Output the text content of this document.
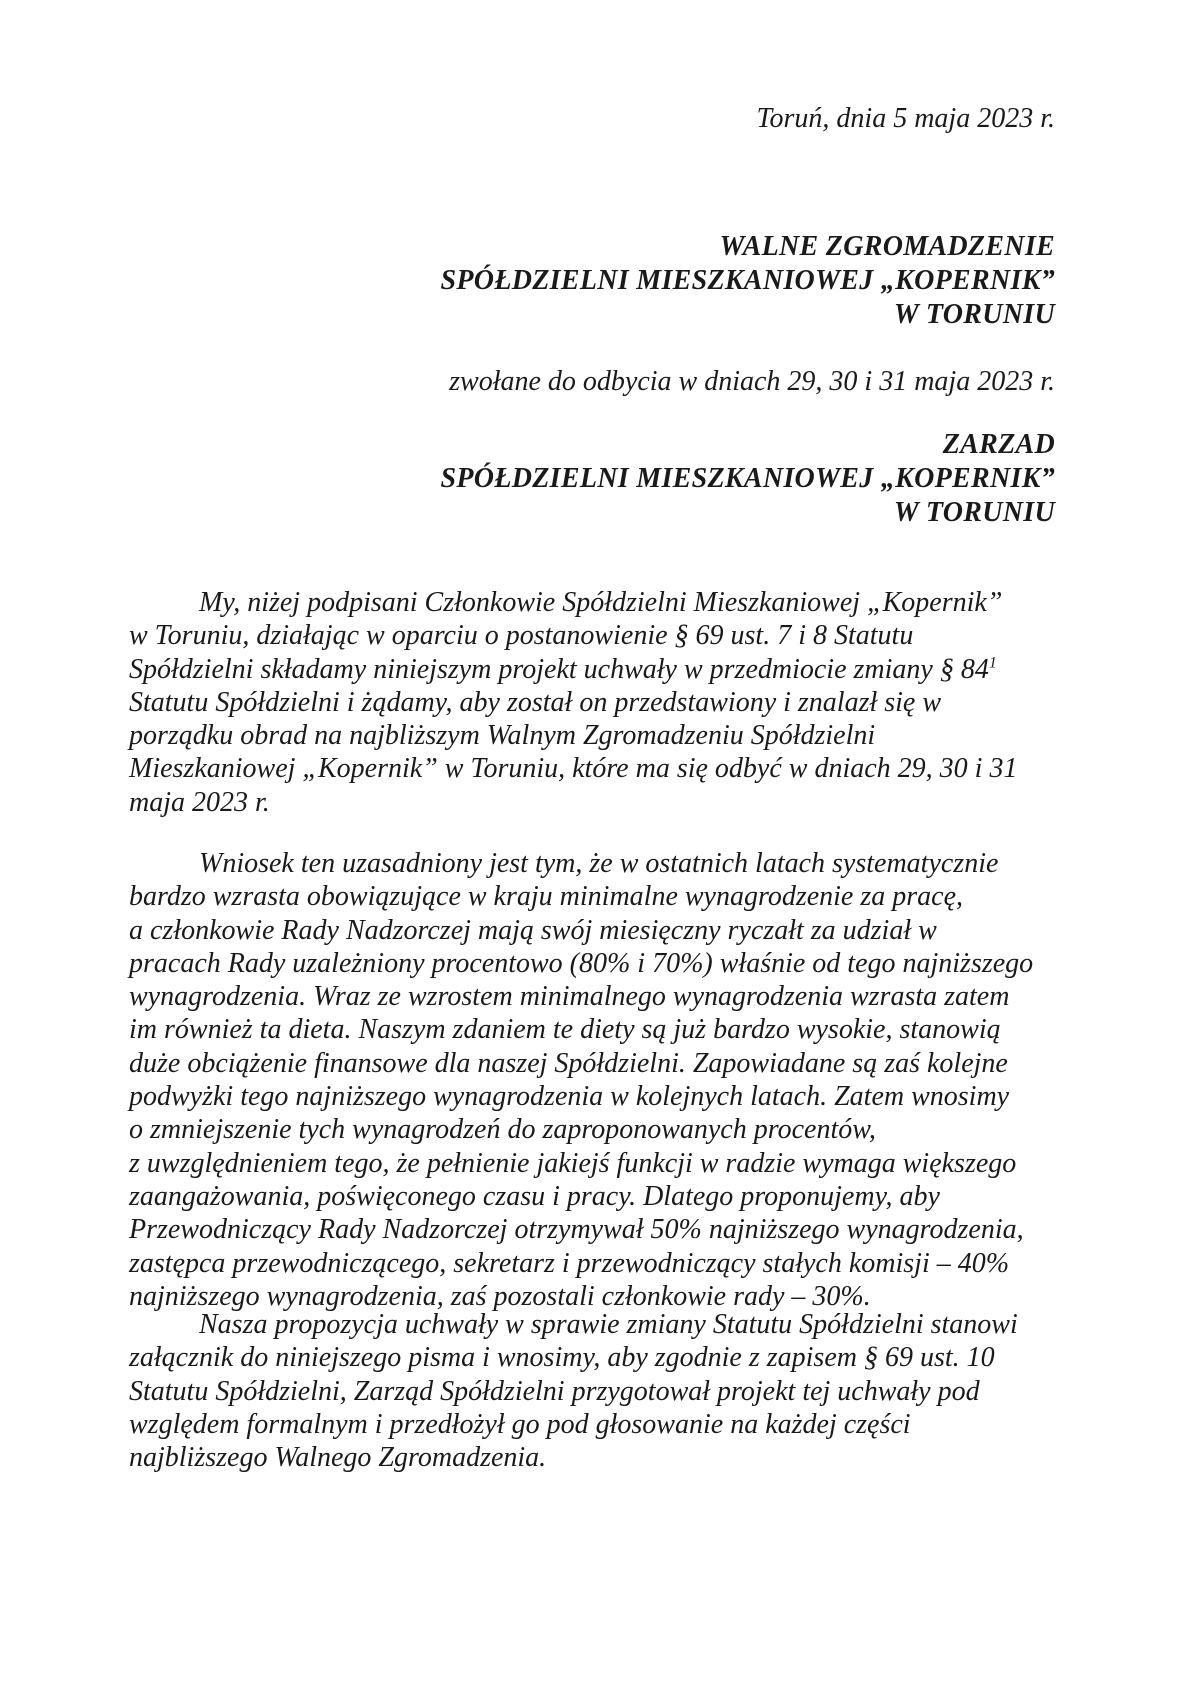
Toruń, dnia 5 maja 2023 r.
WALNE ZGROMADZENIE
SPÓŁDZIELNI MIESZKANIOWEJ „KOPERNIK”
W TORUNIU
zwołane do odbycia w dniach 29, 30 i 31 maja 2023 r.
ZARZAD
SPÓŁDZIELNI MIESZKANIOWEJ „KOPERNIK”
W TORUNIU
My, niżej podpisani Członkowie Spółdzielni Mieszkaniowej „Kopernik”
w Toruniu, działając w oparciu o postanowienie § 69 ust. 7 i 8 Statutu
Spółdzielni składamy niniejszym projekt uchwały w przedmiocie zmiany § $84^1$
Statutu Spółdzielni i żądamy, aby został on przedstawiony i znalazł się w
porządku obrad na najbliższym Walnym Zgromadzeniu Spółdzielni
Mieszkaniowej „Kopernik” w Toruniu, które ma się odbyć w dniach 29, 30 i 31
maja 2023 r.
Wniosek ten uzasadniony jest tym, że w ostatnich latach systematycznie
bardzo wzrasta obowiązujące w kraju minimalne wynagrodzenie za pracę,
a członkowie Rady Nadzorczej mają swój miesięczny ryczałt za udział w
pracach Rady uzależniony procentowo (80% i 70%) właśnie od tego najniższego
wynagrodzenia. Wraz ze wzrostem minimalnego wynagrodzenia wzrasta zatem
im również ta dieta. Naszym zdaniem te diety są już bardzo wysokie, stanowią
duże obciążenie finansowe dla naszej Spółdzielni. Zapowiadane są zaś kolejne
podwyżki tego najniższego wynagrodzenia w kolejnych latach. Zatem wnosimy
o zmniejszenie tych wynagrodzeń do zaproponowanych procentów,
z uwzględnieniem tego, że pełnienie jakiejś funkcji w radzie wymaga większego
zaangażowania, poświęconego czasu i pracy. Dlatego proponujemy, aby
Przewodniczący Rady Nadzorczej otrzymywał 50% najniższego wynagrodzenia,
zastępca przewodniczącego, sekretarz i przewodniczący stałych komisji – 40%
najniższego wynagrodzenia, zaś pozostali członkowie rady – 30%.
Nasza propozycja uchwały w sprawie zmiany Statutu Spółdzielni stanowi
załącznik do niniejszego pisma i wnosimy, aby zgodnie z zapisem § 69 ust. 10
Statutu Spółdzielni, Zarząd Spółdzielni przygotował projekt tej uchwały pod
względem formalnym i przedłożył go pod głosowanie na każdej części
najbliższego Walnego Zgromadzenia.
